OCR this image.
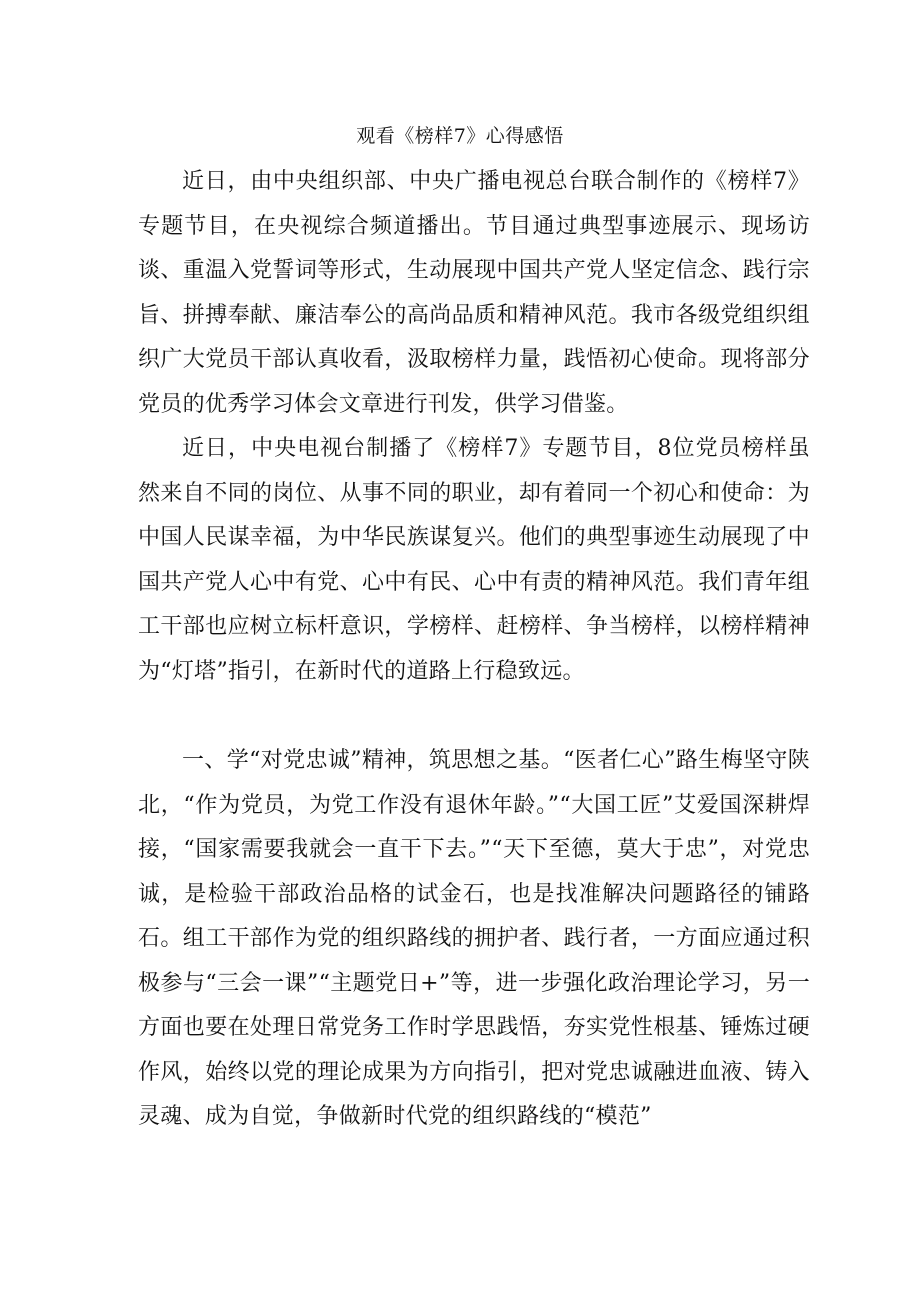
观看《榜样7》心得感悟

近日，由中央组织部、中央广播电视总台联合制作的《榜样7》专题节目，在央视综合频道播出。节目通过典型事迹展示、现场访谈、重温入党誓词等形式，生动展现中国共产党人坚定信念、践行宗旨、拼搏奉献、廉洁奉公的高尚品质和精神风范。我市各级党组织组织广大党员干部认真收看，汲取榜样力量，践悟初心使命。现将部分党员的优秀学习体会文章进行刊发，供学习借鉴。

近日，中央电视台制播了《榜样7》专题节目，8位党员榜样虽然来自不同的岗位、从事不同的职业，却有着同一个初心和使命：为中国人民谋幸福，为中华民族谋复兴。他们的典型事迹生动展现了中国共产党人心中有党、心中有民、心中有责的精神风范。我们青年组工干部也应树立标杆意识，学榜样、赶榜样、争当榜样，以榜样精神为“灯塔”指引，在新时代的道路上行稳致远。

一、学“对党忠诚”精神，筑思想之基。“医者仁心”路生梅坚守陕北，“作为党员，为党工作没有退休年龄。”“大国工匠”艾爱国深耕焊接，“国家需要我就会一直干下去。”“天下至德，莫大于忠”，对党忠诚，是检验干部政治品格的试金石，也是找准解决问题路径的铺路石。组工干部作为党的组织路线的拥护者、践行者，一方面应通过积极参与“三会一课”“主题党日+”等，进一步强化政治理论学习，另一方面也要在处理日常党务工作时学思践悟，夯实党性根基、锤炼过硬作风，始终以党的理论成果为方向指引，把对党忠诚融进血液、铸入灵魂、成为自觉，争做新时代党的组织路线的“模范”
